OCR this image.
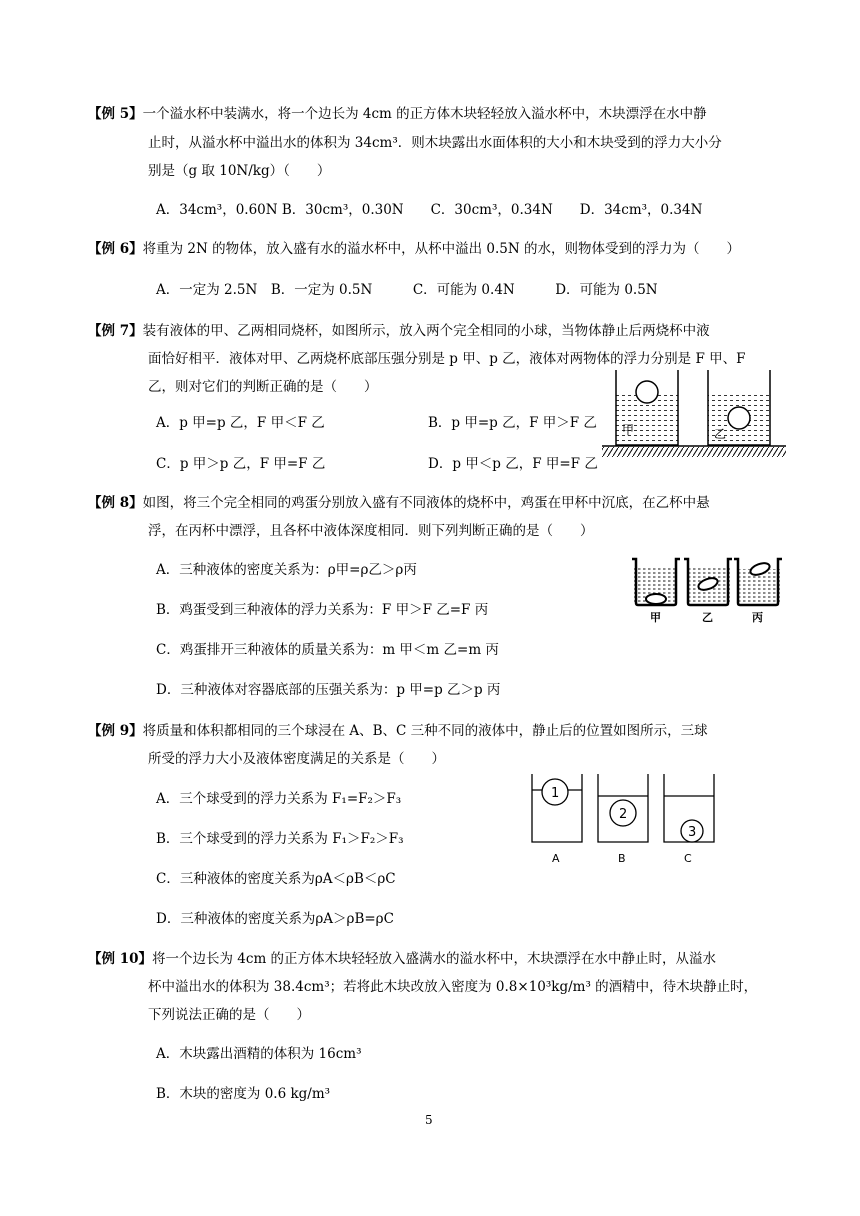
【例 5】一个溢水杯中装满水，将一个边长为 4cm 的正方体木块轻轻放入溢水杯中，木块漂浮在水中静
止时，从溢水杯中溢出水的体积为 34cm³．则木块露出水面体积的大小和木块受到的浮力大小分
别是（g 取 10N/kg）（　　）
A．34cm³，0.60N B．30cm³，0.30N　　C．30cm³，0.34N　　D．34cm³，0.34N
【例 6】将重为 2N 的物体，放入盛有水的溢水杯中，从杯中溢出 0.5N 的水，则物体受到的浮力为（　　）
A．一定为 2.5N　B．一定为 0.5N　　　C．可能为 0.4N　　　D．可能为 0.5N
【例 7】装有液体的甲、乙两相同烧杯，如图所示，放入两个完全相同的小球，当物体静止后两烧杯中液
面恰好相平．液体对甲、乙两烧杯底部压强分别是 p 甲、p 乙，液体对两物体的浮力分别是 F 甲、F
乙，则对它们的判断正确的是（　　）
A．p 甲=p 乙，F 甲＜F 乙	B．p 甲=p 乙，F 甲＞F 乙
C．p 甲＞p 乙，F 甲=F 乙	D．p 甲＜p 乙，F 甲=F 乙
甲	乙
【例 8】如图，将三个完全相同的鸡蛋分别放入盛有不同液体的烧杯中，鸡蛋在甲杯中沉底，在乙杯中悬
浮，在丙杯中漂浮，且各杯中液体深度相同．则下列判断正确的是（　　）
A．三种液体的密度关系为：ρ甲=ρ乙＞ρ丙
B．鸡蛋受到三种液体的浮力关系为：F 甲＞F 乙=F 丙
C．鸡蛋排开三种液体的质量关系为：m 甲＜m 乙=m 丙
D．三种液体对容器底部的压强关系为：p 甲=p 乙＞p 丙
甲	乙	丙
【例 9】将质量和体积都相同的三个球浸在 A、B、C 三种不同的液体中，静止后的位置如图所示，三球
所受的浮力大小及液体密度满足的关系是（　　）
A．三个球受到的浮力关系为 F₁=F₂＞F₃
B．三个球受到的浮力关系为 F₁＞F₂＞F₃
C．三种液体的密度关系为ρA＜ρB＜ρC
D．三种液体的密度关系为ρA＞ρB=ρC
1
A
2
B
3
C
【例 10】将一个边长为 4cm 的正方体木块轻轻放入盛满水的溢水杯中，木块漂浮在水中静止时，从溢水
杯中溢出水的体积为 38.4cm³；若将此木块改放入密度为 0.8×10³kg/m³ 的酒精中，待木块静止时，
下列说法正确的是（　　）
A．木块露出酒精的体积为 16cm³
B．木块的密度为 0.6 kg/m³
5
